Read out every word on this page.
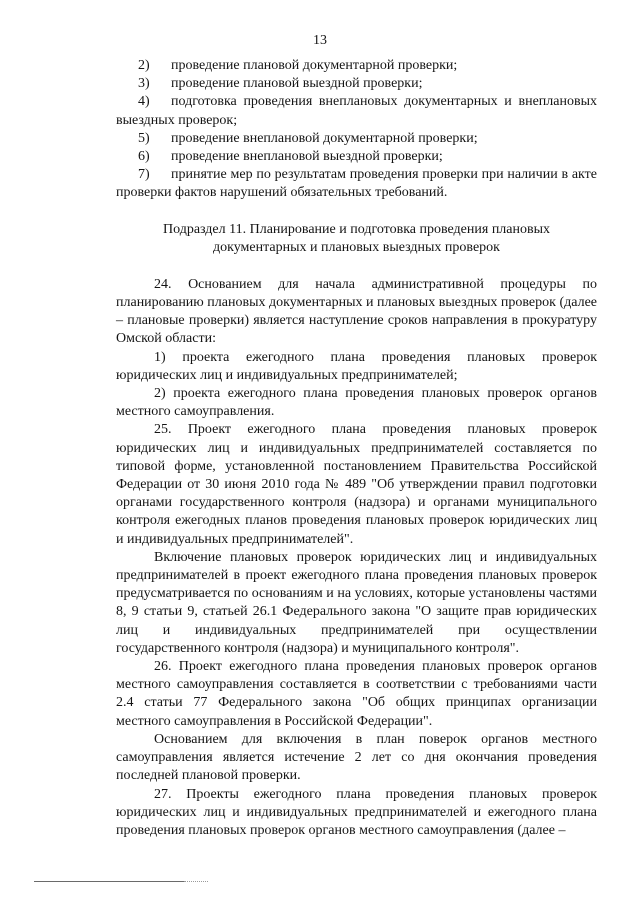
13
2)	проведение плановой документарной проверки;
3)	проведение плановой выездной проверки;
4) подготовка проведения внеплановых документарных и внеплановых выездных проверок;
5)	проведение внеплановой документарной проверки;
6)	проведение внеплановой выездной проверки;
7) принятие мер по результатам проведения проверки при наличии в акте проверки фактов нарушений обязательных требований.
Подраздел 11. Планирование и подготовка проведения плановых документарных и плановых выездных проверок

24. Основанием для начала административной процедуры по планированию плановых документарных и плановых выездных проверок (далее – плановые проверки) является наступление сроков направления в прокуратуру Омской области:

1) проекта ежегодного плана проведения плановых проверок юридических лиц и индивидуальных предпринимателей;

2) проекта ежегодного плана проведения плановых проверок органов местного самоуправления.

25. Проект ежегодного плана проведения плановых проверок юридических лиц и индивидуальных предпринимателей составляется по типовой форме, установленной постановлением Правительства Российской Федерации от 30 июня 2010 года № 489 "Об утверждении правил подготовки органами государственного контроля (надзора) и органами муниципального контроля ежегодных планов проведения плановых проверок юридических лиц и индивидуальных предпринимателей".

Включение плановых проверок юридических лиц и индивидуальных предпринимателей в проект ежегодного плана проведения плановых проверок предусматривается по основаниям и на условиях, которые установлены частями 8, 9 статьи 9, статьей 26.1 Федерального закона "О защите прав юридических лиц и индивидуальных предпринимателей при осуществлении государственного контроля (надзора) и муниципального контроля".

26. Проект ежегодного плана проведения плановых проверок органов местного самоуправления составляется в соответствии с требованиями части 2.4 статьи 77 Федерального закона "Об общих принципах организации местного самоуправления в Российской Федерации".

Основанием для включения в план поверок органов местного самоуправления является истечение 2 лет со дня окончания проведения последней плановой проверки.

27. Проекты ежегодного плана проведения плановых проверок юридических лиц и индивидуальных предпринимателей и ежегодного плана проведения плановых проверок органов местного самоуправления (далее –
